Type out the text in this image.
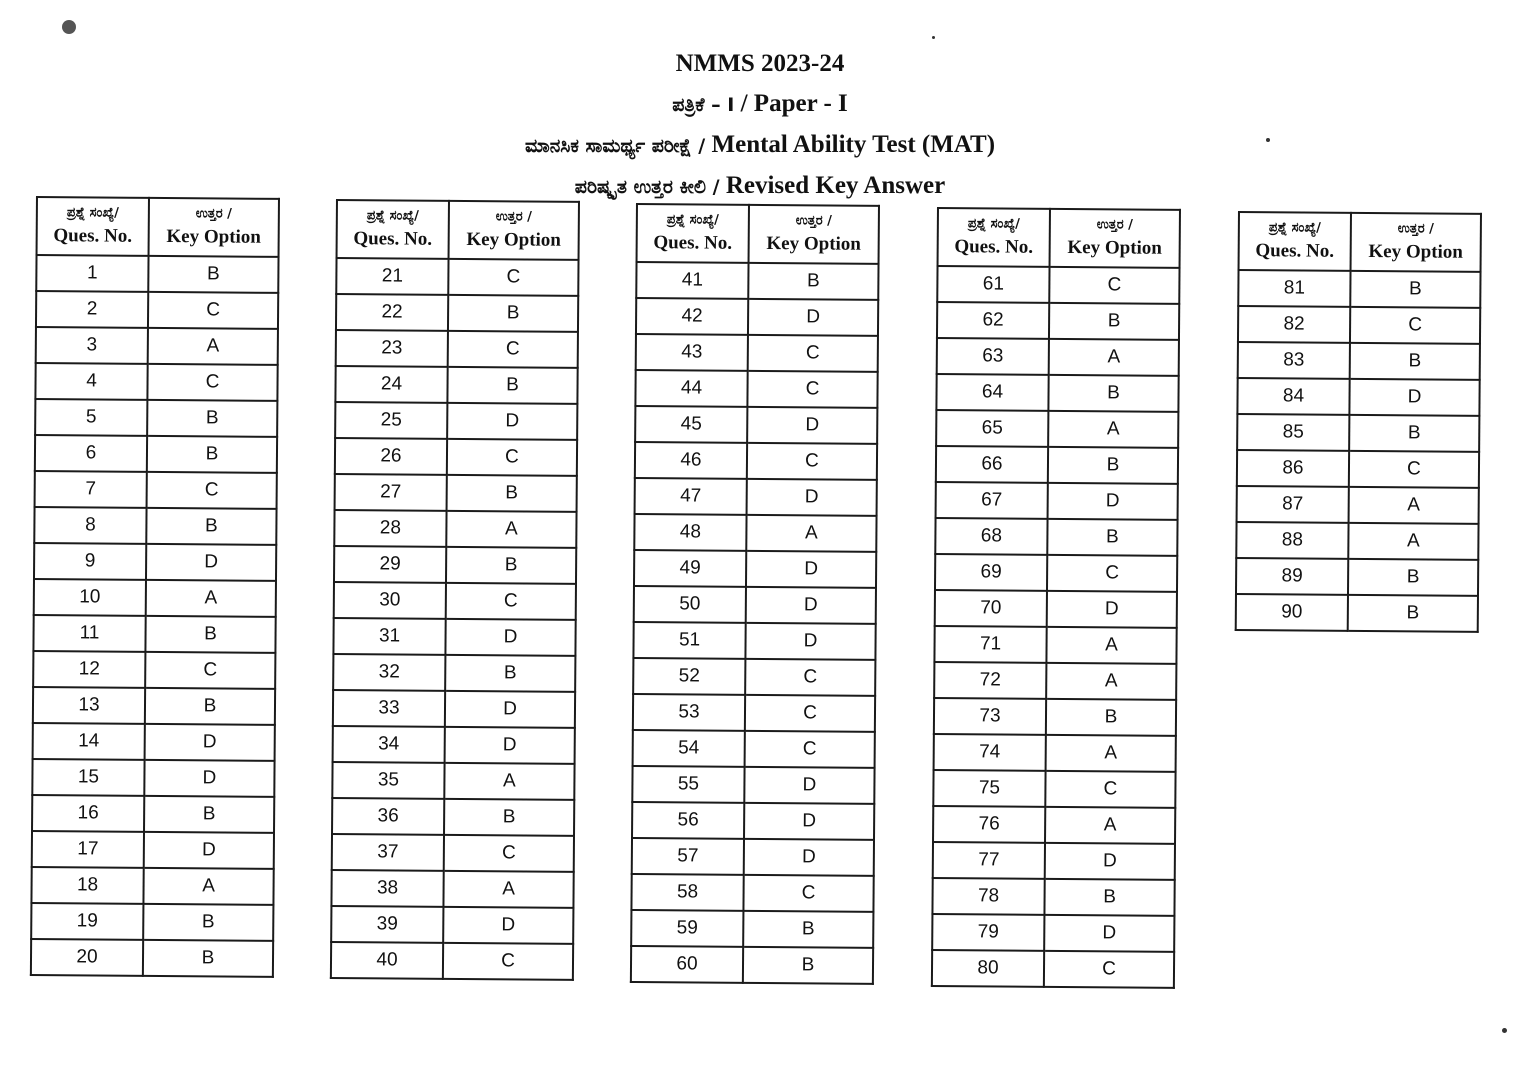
NMMS 2023-24
ಪತ್ರಿಕೆ – I / Paper - I
ಮಾನಸಿಕ ಸಾಮರ್ಥ್ಯ ಪರೀಕ್ಷೆ / Mental Ability Test (MAT)
ಪರಿಷ್ಕೃತ ಉತ್ತರ ಕೀಲಿ / Revised Key Answer
ಪ್ರಶ್ನೆ ಸಂಖ್ಯೆ/
Ques. No.	ಉತ್ತರ /
Key Option

1	B
2	C
3	A
4	C
5	B
6	B
7	C
8	B
9	D
10	A
11	B
12	C
13	B
14	D
15	D
16	B
17	D
18	A
19	B
20	B
ಪ್ರಶ್ನೆ ಸಂಖ್ಯೆ/
Ques. No.	ಉತ್ತರ /
Key Option

21	C
22	B
23	C
24	B
25	D
26	C
27	B
28	A
29	B
30	C
31	D
32	B
33	D
34	D
35	A
36	B
37	C
38	A
39	D
40	C
ಪ್ರಶ್ನೆ ಸಂಖ್ಯೆ/
Ques. No.	ಉತ್ತರ /
Key Option

41	B
42	D
43	C
44	C
45	D
46	C
47	D
48	A
49	D
50	D
51	D
52	C
53	C
54	C
55	D
56	D
57	D
58	C
59	B
60	B
ಪ್ರಶ್ನೆ ಸಂಖ್ಯೆ/
Ques. No.	ಉತ್ತರ /
Key Option

61	C
62	B
63	A
64	B
65	A
66	B
67	D
68	B
69	C
70	D
71	A
72	A
73	B
74	A
75	C
76	A
77	D
78	B
79	D
80	C
ಪ್ರಶ್ನೆ ಸಂಖ್ಯೆ/
Ques. No.	ಉತ್ತರ /
Key Option

81	B
82	C
83	B
84	D
85	B
86	C
87	A
88	A
89	B
90	B
